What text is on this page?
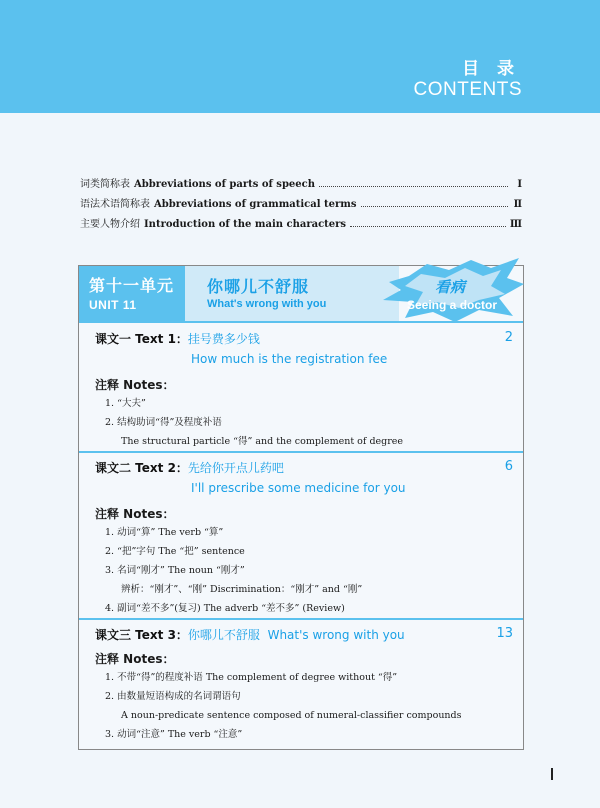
目 录
CONTENTS
词类简称表 Abbreviations of parts of speech	Ⅰ
语法术语简称表 Abbreviations of grammatical terms	Ⅱ
主要人物介绍 Introduction of the main characters	Ⅲ
第十一单元
UNIT 11
你哪儿不舒服
What's wrong with you
看病
Seeing a doctor
课文一 Text 1：挂号费多少钱	2
How much is the registration fee
注释 Notes：
1. “大夫”
2. 结构助词“得”及程度补语
The structural particle “得” and the complement of degree
课文二 Text 2：先给你开点儿药吧	6
I'll prescribe some medicine for you
注释 Notes：
1. 动词“算” The verb “算”
2. “把”字句 The “把” sentence
3. 名词“刚才” The noun “刚才”
辨析：“刚才”、“刚” Discrimination：“刚才” and “刚”
4. 副词“差不多”(复习) The adverb “差不多” (Review)
课文三 Text 3：你哪儿不舒服 What's wrong with you	13
注释 Notes：
1. 不带“得”的程度补语 The complement of degree without “得”
2. 由数量短语构成的名词谓语句
A noun-predicate sentence composed of numeral-classifier compounds
3. 动词“注意” The verb “注意”
